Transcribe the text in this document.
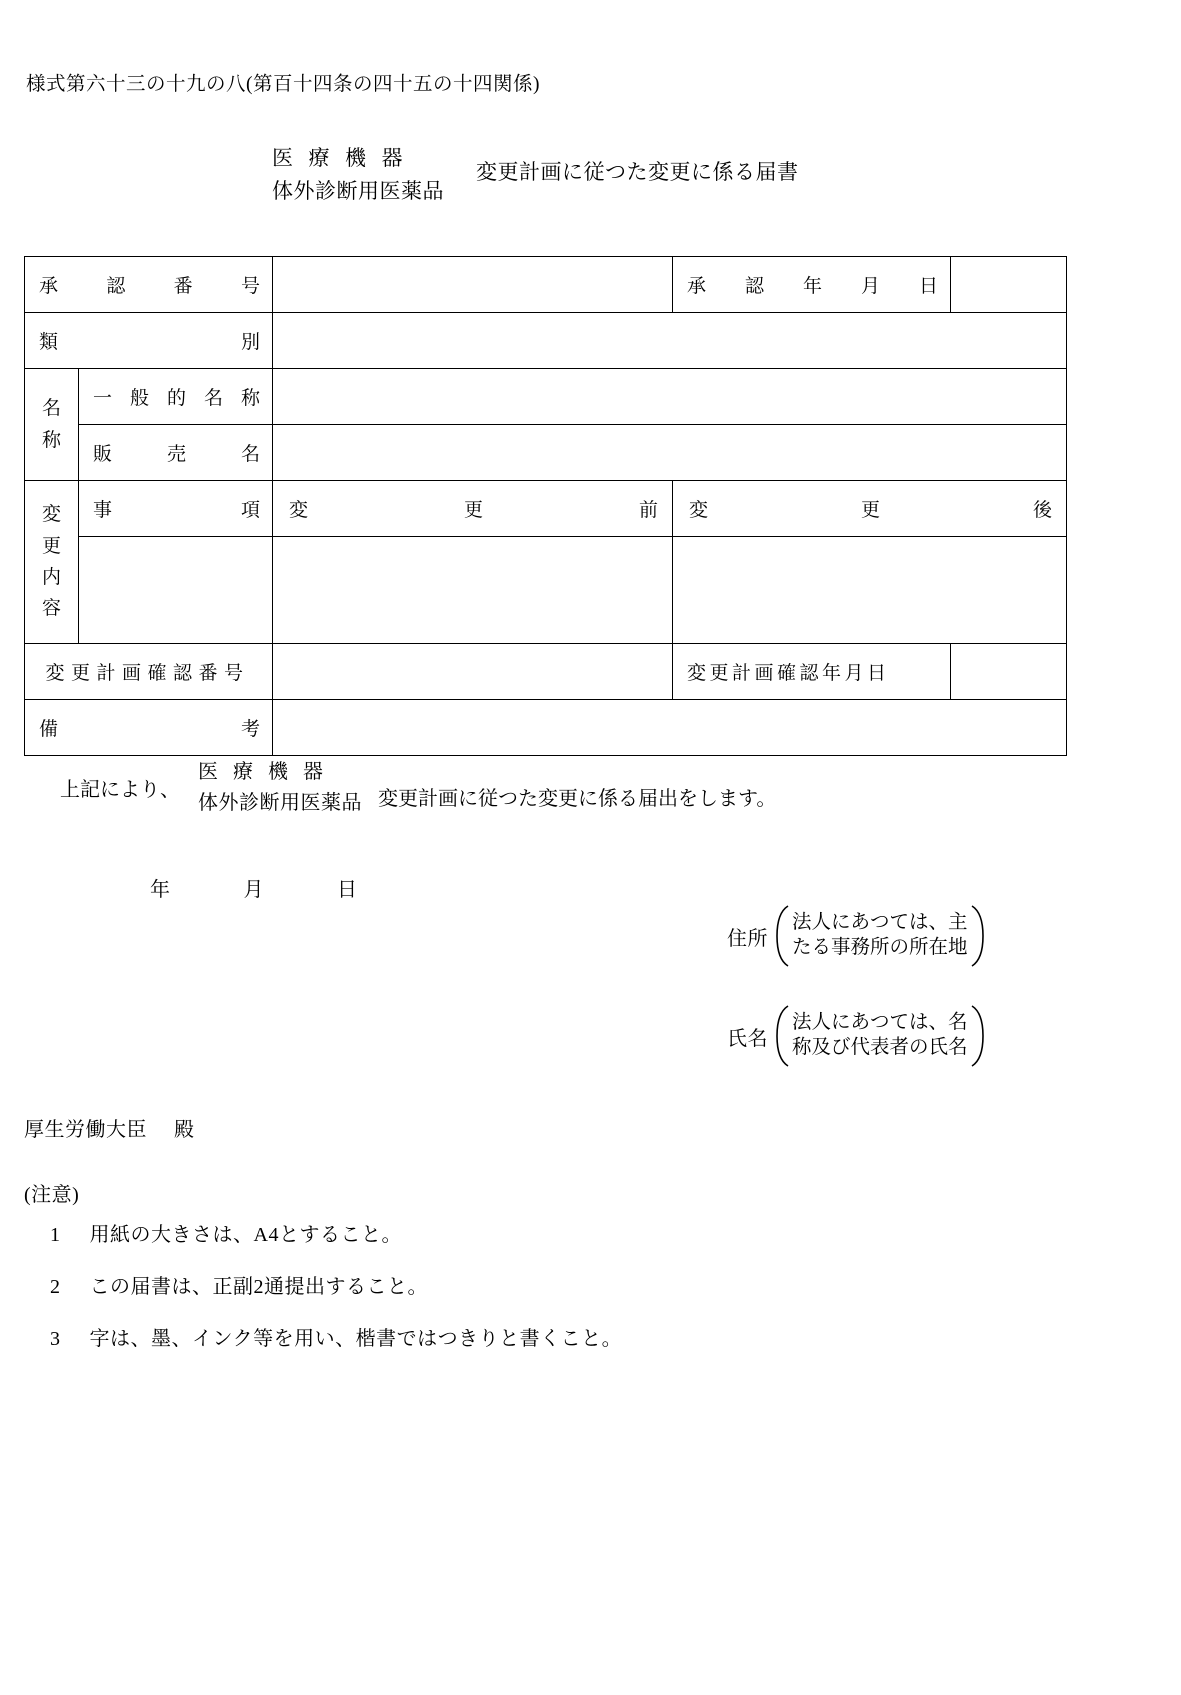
様式第六十三の十九の八(第百十四条の四十五の十四関係)
医療機器
体外診断用医薬品
変更計画に従つた変更に係る届書
承 認 番 号			承 認 年 月 日	

類 別				

名
称	一 般 的 名 称			

	販 売 名			

変
更
内
容	事 項	変 更 前	変 更 後	

変更計画確認番号			変更計画確認年月日	

備 考				

上記により、
医療機器
体外診断用医薬品 変更計画に従つた変更に係る届出をします。
年	月	日
住所
法人にあつては、主
たる事務所の所在地
氏名
法人にあつては、名
称及び代表者の氏名
厚生労働大臣 殿
(注意)
1 用紙の大きさは、A4とすること。
2 この届書は、正副2通提出すること。
3 字は、墨、インク等を用い、楷書ではつきりと書くこと。
